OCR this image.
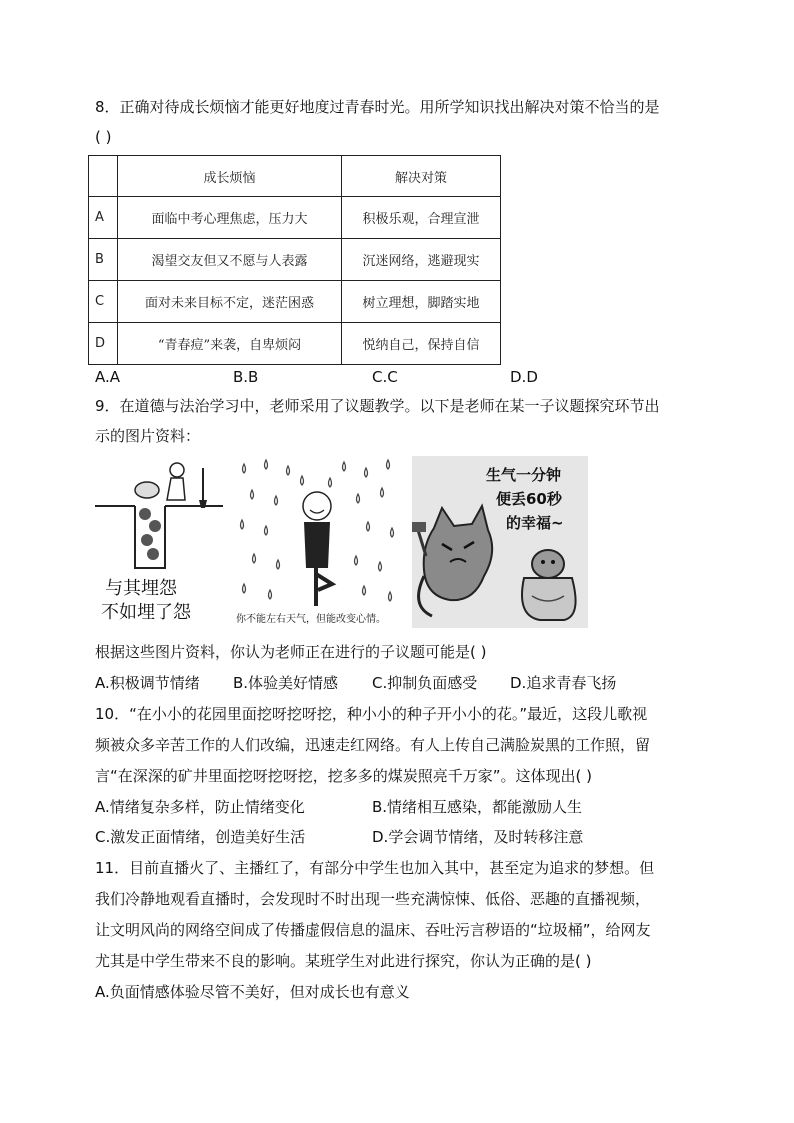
8．正确对待成长烦恼才能更好地度过青春时光。用所学知识找出解决对策不恰当的是
( )
	成长烦恼	解决对策
A	面临中考心理焦虑，压力大	积极乐观，合理宣泄
B	渴望交友但又不愿与人表露	沉迷网络，逃避现实
C	面对未来目标不定，迷茫困惑	树立理想，脚踏实地
D	“青春痘”来袭，自卑烦闷	悦纳自己，保持自信
A.A	B.B	C.C	D.D
9．在道德与法治学习中，老师采用了议题教学。以下是老师在某一子议题探究环节出
示的图片资料：
与其埋怨
不如埋了怨	你不能左右天气，但能改变心情。
生气一分钟
便丢60秒
的幸福~
根据这些图片资料，你认为老师正在进行的子议题可能是( )
A.积极调节情绪 B.体验美好情感 C.抑制负面感受 D.追求青春飞扬
10．“在小小的花园里面挖呀挖呀挖，种小小的种子开小小的花。”最近，这段儿歌视
频被众多辛苦工作的人们改编，迅速走红网络。有人上传自己满脸炭黑的工作照，留
言“在深深的矿井里面挖呀挖呀挖，挖多多的煤炭照亮千万家”。这体现出( )
A.情绪复杂多样，防止情绪变化	B.情绪相互感染，都能激励人生
C.激发正面情绪，创造美好生活	D.学会调节情绪，及时转移注意
11．目前直播火了、主播红了，有部分中学生也加入其中，甚至定为追求的梦想。但
我们冷静地观看直播时，会发现时不时出现一些充满惊悚、低俗、恶趣的直播视频，
让文明风尚的网络空间成了传播虚假信息的温床、吞吐污言秽语的“垃圾桶”，给网友
尤其是中学生带来不良的影响。某班学生对此进行探究，你认为正确的是( )
A.负面情感体验尽管不美好，但对成长也有意义
